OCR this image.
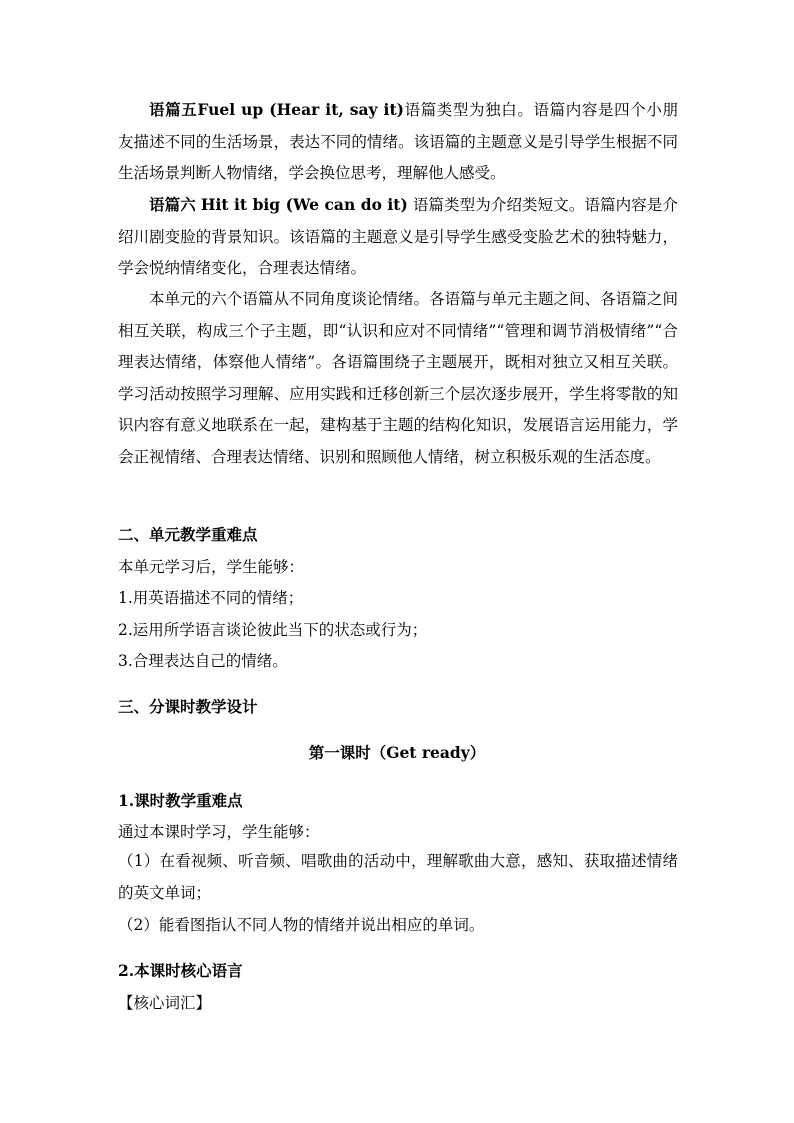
语篇五Fuel up (Hear it, say it)语篇类型为独白。语篇内容是四个小朋友描述不同的生活场景，表达不同的情绪。该语篇的主题意义是引导学生根据不同生活场景判断人物情绪，学会换位思考，理解他人感受。

语篇六 Hit it big (We can do it) 语篇类型为介绍类短文。语篇内容是介绍川剧变脸的背景知识。该语篇的主题意义是引导学生感受变脸艺术的独特魅力，学会悦纳情绪变化，合理表达情绪。

本单元的六个语篇从不同角度谈论情绪。各语篇与单元主题之间、各语篇之间相互关联，构成三个子主题，即“认识和应对不同情绪”“管理和调节消极情绪”“合理表达情绪，体察他人情绪”。各语篇围绕子主题展开，既相对独立又相互关联。学习活动按照学习理解、应用实践和迁移创新三个层次逐步展开，学生将零散的知识内容有意义地联系在一起，建构基于主题的结构化知识，发展语言运用能力，学会正视情绪、合理表达情绪、识别和照顾他人情绪，树立积极乐观的生活态度。

二、单元教学重难点

本单元学习后，学生能够：

1.用英语描述不同的情绪；

2.运用所学语言谈论彼此当下的状态或行为；

3.合理表达自己的情绪。

三、分课时教学设计

第一课时（Get ready）

1.课时教学重难点

通过本课时学习，学生能够：

（1）在看视频、听音频、唱歌曲的活动中，理解歌曲大意，感知、获取描述情绪的英文单词；

（2）能看图指认不同人物的情绪并说出相应的单词。

2.本课时核心语言

【核心词汇】
